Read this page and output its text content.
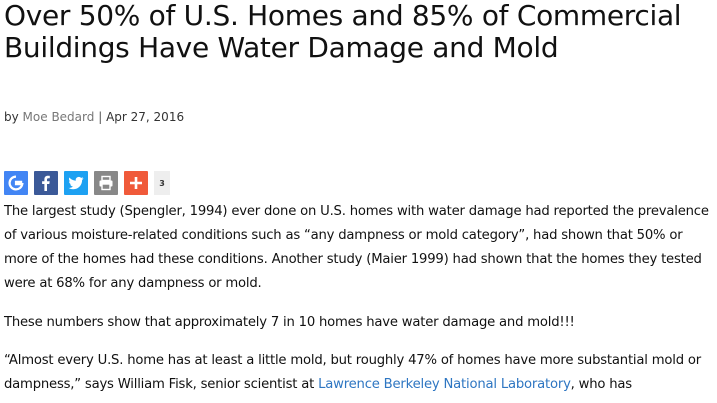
Over 50% of U.S. Homes and 85% of Commercial Buildings Have Water Damage and Mold
by Moe Bedard | Apr 27, 2016
3

The largest study (Spengler, 1994) ever done on U.S. homes with water damage had reported the prevalence of various moisture-related conditions such as “any dampness or mold category”, had shown that 50% or more of the homes had these conditions. Another study (Maier 1999) had shown that the homes they tested were at 68% for any dampness or mold.

These numbers show that approximately 7 in 10 homes have water damage and mold!!!

“Almost every U.S. home has at least a little mold, but roughly 47% of homes have more substantial mold or dampness,” says William Fisk, senior scientist at Lawrence Berkeley National Laboratory, who has
